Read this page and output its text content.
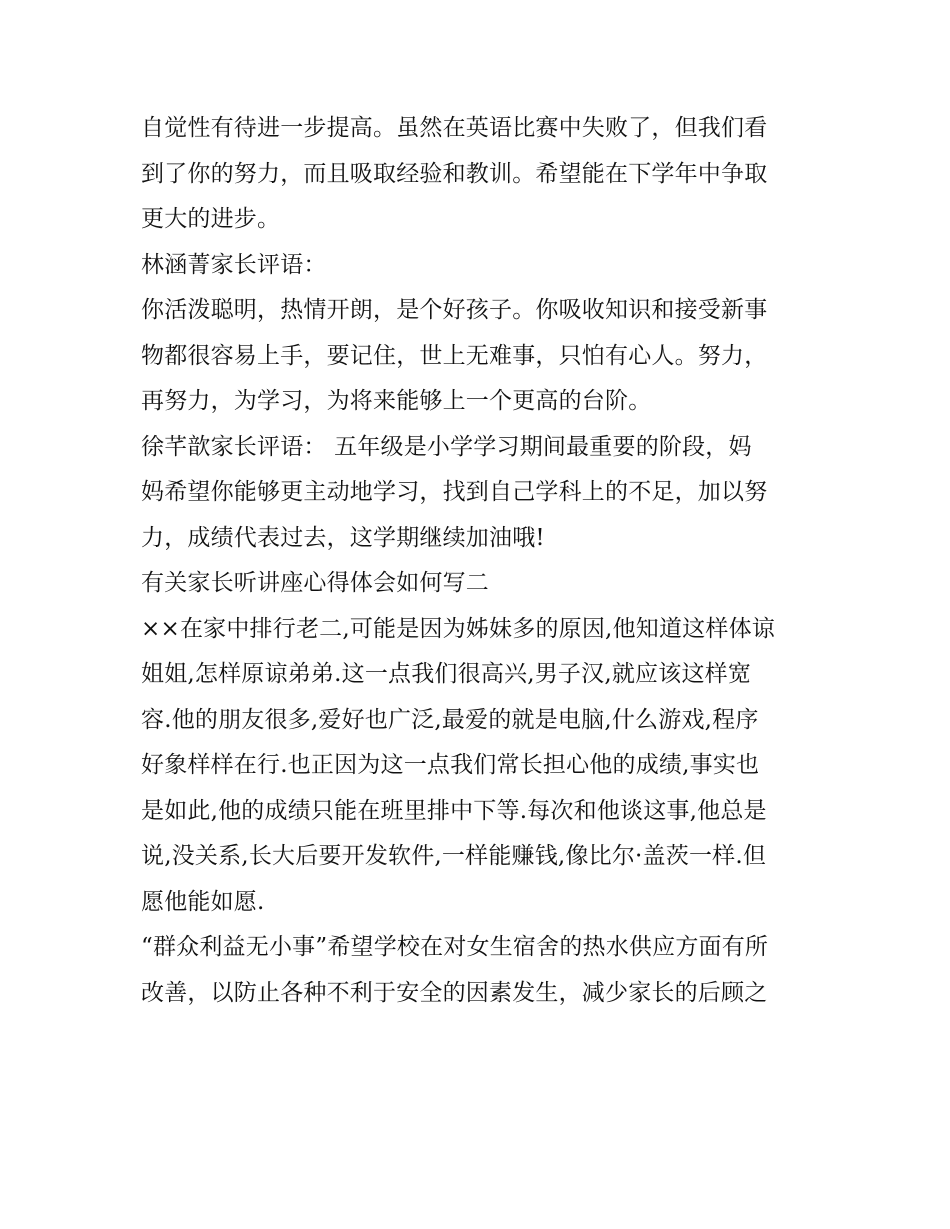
自觉性有待进一步提高。虽然在英语比赛中失败了，但我们看
到了你的努力，而且吸取经验和教训。希望能在下学年中争取
更大的进步。
林涵菁家长评语：
你活泼聪明，热情开朗，是个好孩子。你吸收知识和接受新事
物都很容易上手，要记住，世上无难事，只怕有心人。努力，
再努力，为学习，为将来能够上一个更高的台阶。
徐芊歆家长评语： 五年级是小学学习期间最重要的阶段，妈
妈希望你能够更主动地学习，找到自己学科上的不足，加以努
力，成绩代表过去，这学期继续加油哦!
有关家长听讲座心得体会如何写二
××在家中排行老二,可能是因为姊妹多的原因,他知道这样体谅
姐姐,怎样原谅弟弟.这一点我们很高兴,男子汉,就应该这样宽
容.他的朋友很多,爱好也广泛,最爱的就是电脑,什么游戏,程序
好象样样在行.也正因为这一点我们常长担心他的成绩,事实也
是如此,他的成绩只能在班里排中下等.每次和他谈这事,他总是
说,没关系,长大后要开发软件,一样能赚钱,像比尔·盖茨一样.但
愿他能如愿.
“群众利益无小事”希望学校在对女生宿舍的热水供应方面有所
改善，以防止各种不利于安全的因素发生，减少家长的后顾之
